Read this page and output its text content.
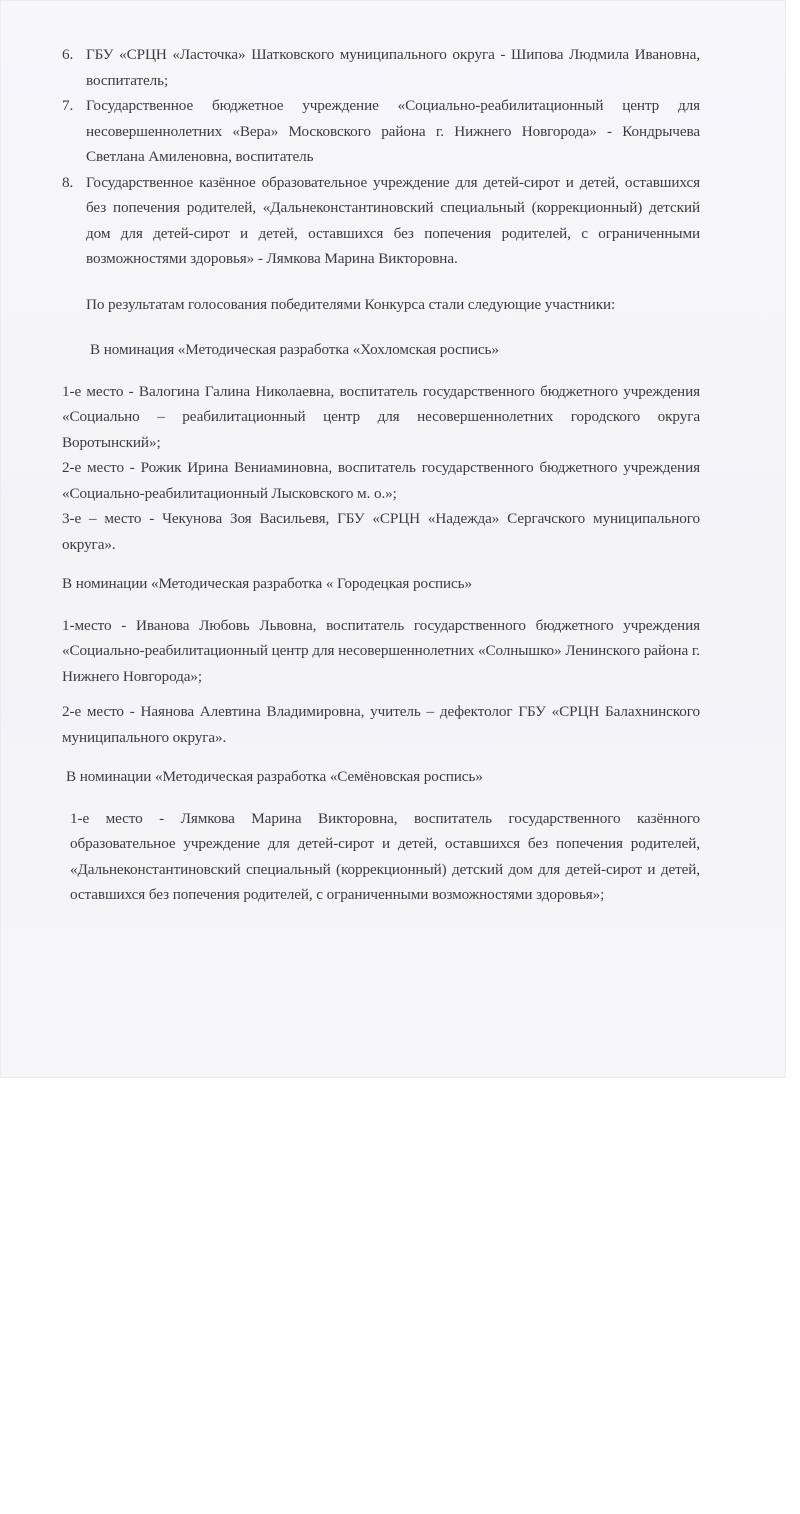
6. ГБУ «СРЦН «Ласточка» Шатковского муниципального округа - Шипова Людмила Ивановна, воспитатель;
7. Государственное бюджетное учреждение «Социально-реабилитационный центр для несовершеннолетних «Вера» Московского района г. Нижнего Новгорода» - Кондрычева Светлана Амиленовна, воспитатель
8. Государственное казённое образовательное учреждение для детей-сирот и детей, оставшихся без попечения родителей, «Дальнеконстантиновский специальный (коррекционный) детский дом для детей-сирот и детей, оставшихся без попечения родителей, с ограниченными возможностями здоровья» - Лямкова Марина Викторовна.

По результатам голосования победителями Конкурса стали следующие участники:

В номинация «Методическая разработка «Хохломская роспись»

1-е место - Валогина Галина Николаевна, воспитатель государственного бюджетного учреждения «Социально – реабилитационный центр для несовершеннолетних городского округа Воротынский»;

2-е место - Рожик Ирина Вениаминовна, воспитатель государственного бюджетного учреждения «Социально-реабилитационный Лысковского м. о.»;

3-е – место - Чекунова Зоя Васильевя, ГБУ «СРЦН «Надежда» Сергачского муниципального округа».

В номинации «Методическая разработка « Городецкая роспись»

1-место - Иванова Любовь Львовна, воспитатель государственного бюджетного учреждения «Социально-реабилитационный центр для несовершеннолетних «Солнышко» Ленинского района г. Нижнего Новгорода»;

2-е место - Наянова Алевтина Владимировна, учитель – дефектолог ГБУ «СРЦН Балахнинского муниципального округа».

В номинации «Методическая разработка «Семёновская роспись»

1-е место - Лямкова Марина Викторовна, воспитатель государственного казённого образовательное учреждение для детей-сирот и детей, оставшихся без попечения родителей, «Дальнеконстантиновский специальный (коррекционный) детский дом для детей-сирот и детей, оставшихся без попечения родителей, с ограниченными возможностями здоровья»;
